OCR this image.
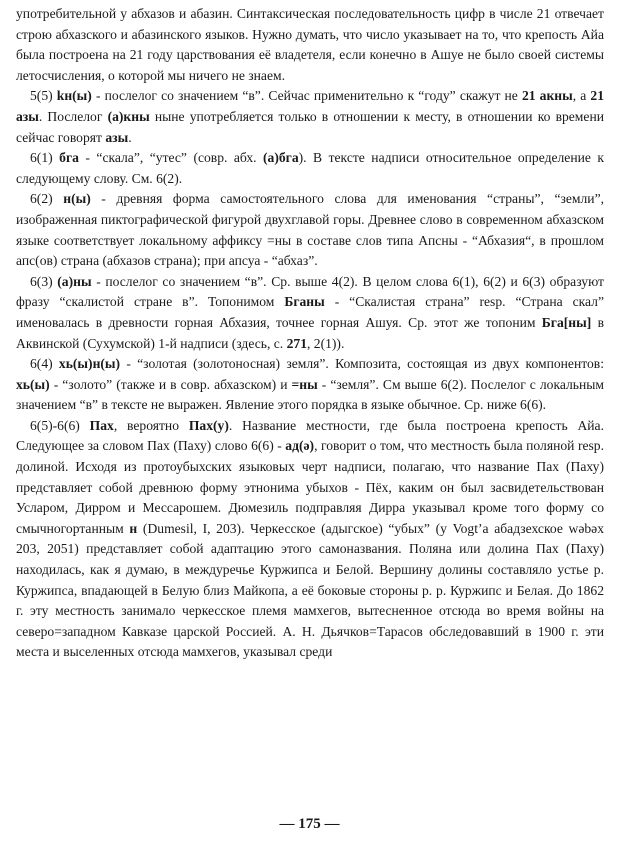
употребительной у абхазов и абазин. Синтаксическая последовательность цифр в числе 21 отвечает строю абхазского и абазинского языков. Нужно думать, что число указывает на то, что крепость Айа была построена на 21 году царствования её владетеля, если конечно в Ашуе не было своей системы летосчисления, о которой мы ничего не знаем.

5(5) kн(ы) - послелог со значением “в”. Сейчас применительно к “году” скажут не 21 акны, а 21 азы. Послелог (а)кны ныне употребляется только в отношении к месту, в отношении ко времени сейчас говорят азы.

6(1) бга - “скала”, “утес” (совр. абх. (а)бга). В тексте надписи относительное определение к следующему слову. См. 6(2).

6(2) н(ы) - древняя форма самостоятельного слова для именования “страны”, “земли”, изображенная пиктографической фигурой двухглавой горы. Древнее слово в современном абхазском языке соответствует локальному аффиксу =ны в составе слов типа Апсны - “Абхазия“, в прошлом апс(ов) страна (абхазов страна); при апсуа - “абхаз”.

6(3) (а)ны - послелог со значением “в”. Ср. выше 4(2). В целом слова 6(1), 6(2) и 6(3) образуют фразу “скалистой стране в”. Топонимом Бганы - “Скалистая страна” resp. “Страна скал” именовалась в древности горная Абхазия, точнее горная Ашуя. Ср. этот же топоним Бга[ны] в Аквинской (Сухумской) 1-й надписи (здесь, с. 271, 2(1)).

6(4) хь(ы)н(ы) - “золотая (золотоносная) земля”. Композита, состоящая из двух компонентов: хь(ы) - “золото” (также и в совр. абхазском) и =ны - “земля”. См выше 6(2). Послелог с локальным значением “в” в тексте не выражен. Явление этого порядка в языке обычное. Ср. ниже 6(6).

6(5)-6(6) Пах, вероятно Пах(у). Название местности, где была построена крепость Айа. Следующее за словом Пах (Паху) слово 6(6) - ад(ə), говорит о том, что местность была поляной resp. долиной. Исходя из протоубыхских языковых черт надписи, полагаю, что название Пах (Паху) представляет собой древнюю форму этнонима убыхов - Пёх, каким он был засвидетельствован Усларом, Дирром и Мессарошем. Дюмезиль подправляя Дирра указывал кроме того форму со смычногортанным н (Dumesil, I, 203). Черкесское (адыгское) “убых” (у Vogt’a абадзехское wəbəx 203, 2051) представляет собой адаптацию этого самоназвания. Поляна или долина Пах (Паху) находилась, как я думаю, в междуречье Куржипса и Белой. Вершину долины составляло устье р. Куржипса, впадающей в Белую близ Майкопа, а её боковые стороны р. р. Куржипс и Белая. До 1862 г. эту местность занимало черкесское племя мамхегов, вытесненное отсюда во время войны на северо=западном Кавказе царской Россией. А. Н. Дьячков=Тарасов обследовавший в 1900 г. эти места и выселенных отсюда мамхегов, указывал среди

— 175 —
